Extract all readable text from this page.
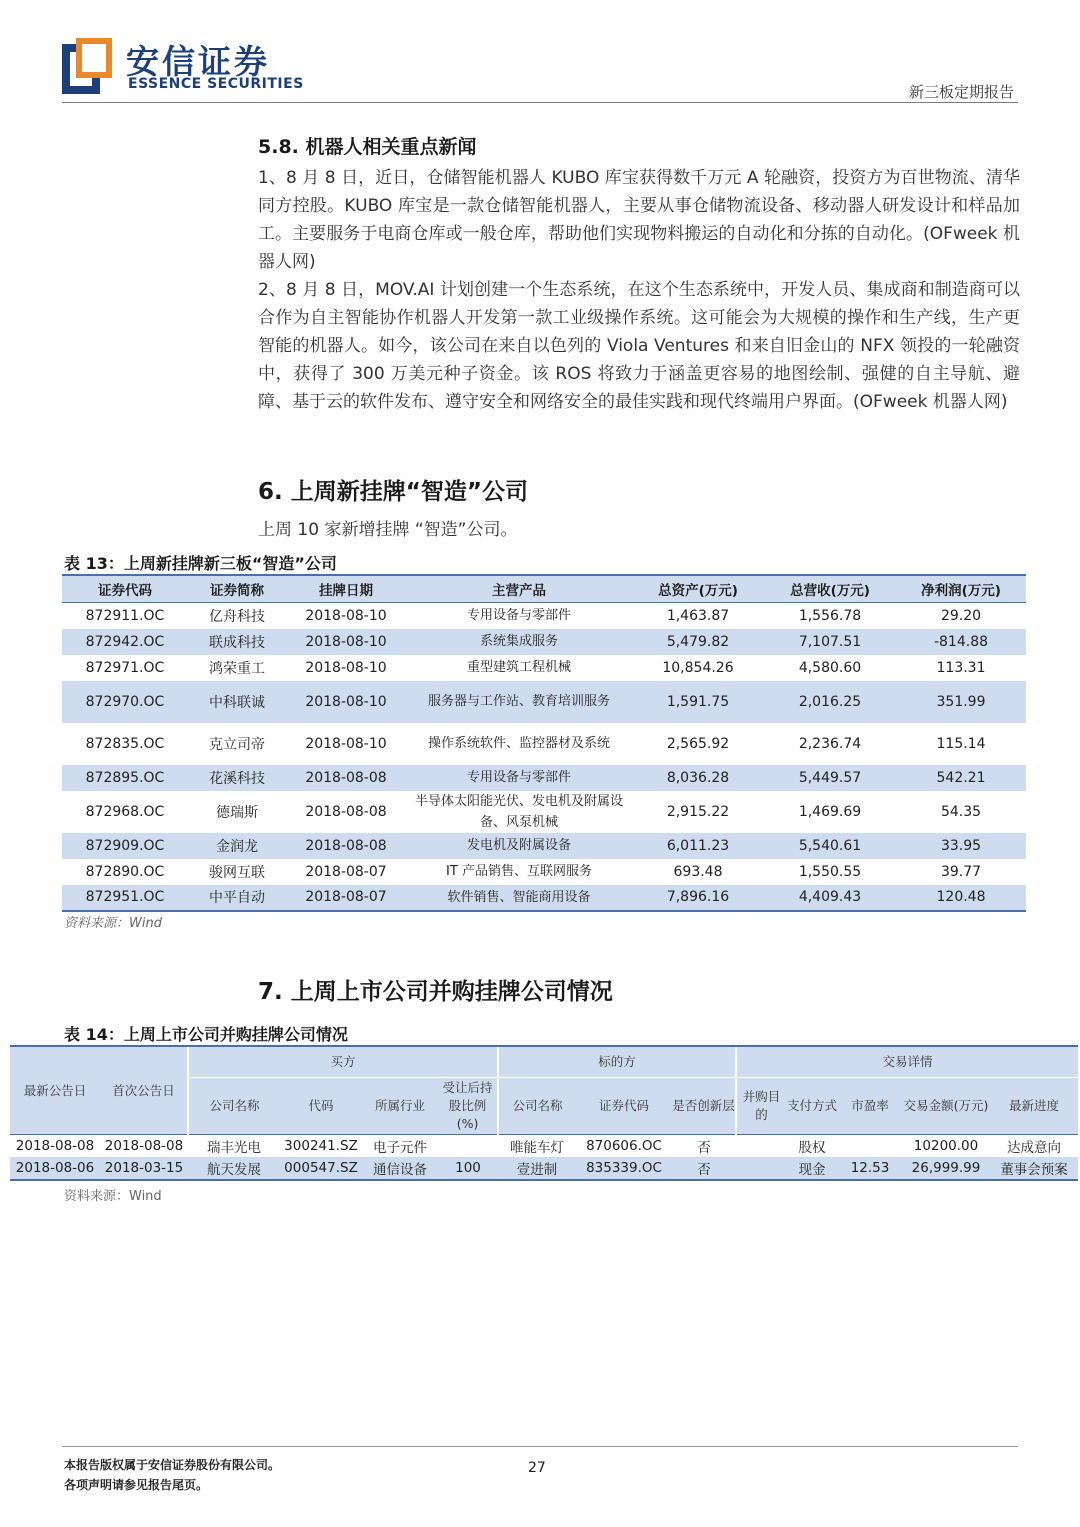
安信证券
ESSENCE SECURITIES	新三板定期报告
5.8. 机器人相关重点新闻
1、8 月 8 日，近日，仓储智能机器人 KUBO 库宝获得数千万元 A 轮融资，投资方为百世物流、清华同方控股。KUBO 库宝是一款仓储智能机器人，主要从事仓储物流设备、移动器人研发设计和样品加工。主要服务于电商仓库或一般仓库，帮助他们实现物料搬运的自动化和分拣的自动化。(OFweek 机器人网)
2、8 月 8 日，MOV.AI 计划创建一个生态系统，在这个生态系统中，开发人员、集成商和制造商可以合作为自主智能协作机器人开发第一款工业级操作系统。这可能会为大规模的操作和生产线，生产更智能的机器人。如今，该公司在来自以色列的 Viola Ventures 和来自旧金山的 NFX 领投的一轮融资中，获得了 300 万美元种子资金。该 ROS 将致力于涵盖更容易的地图绘制、强健的自主导航、避障、基于云的软件发布、遵守安全和网络安全的最佳实践和现代终端用户界面。(OFweek 机器人网)
6. 上周新挂牌“智造”公司
上周 10 家新增挂牌 “智造”公司。
表 13：上周新挂牌新三板“智造”公司
证券代码	证券简称	挂牌日期	主营产品	总资产(万元)	总营收(万元)	净利润(万元)
872911.OC	亿舟科技	2018-08-10	专用设备与零部件	1,463.87	1,556.78	29.20
872942.OC	联成科技	2018-08-10	系统集成服务	5,479.82	7,107.51	-814.88
872971.OC	鸿荣重工	2018-08-10	重型建筑工程机械	10,854.26	4,580.60	113.31
872970.OC	中科联诚	2018-08-10	服务器与工作站、教育培训服务	1,591.75	2,016.25	351.99
872835.OC	克立司帝	2018-08-10	操作系统软件、监控器材及系统	2,565.92	2,236.74	115.14
872895.OC	花溪科技	2018-08-08	专用设备与零部件	8,036.28	5,449.57	542.21
872968.OC	德瑞斯	2018-08-08	半导体太阳能光伏、发电机及附属设备、风泵机械	2,915.22	1,469.69	54.35
872909.OC	金润龙	2018-08-08	发电机及附属设备	6,011.23	5,540.61	33.95
872890.OC	骏网互联	2018-08-07	IT 产品销售、互联网服务	693.48	1,550.55	39.77
872951.OC	中平自动	2018-08-07	软件销售、智能商用设备	7,896.16	4,409.43	120.48
资料来源：Wind
7. 上周上市公司并购挂牌公司情况
表 14：上周上市公司并购挂牌公司情况
最新公告日	首次公告日	买方				标的方			交易详情				
		公司名称	代码	所属行业	受让后持股比例(%)	公司名称	证券代码	是否创新层	并购目的	支付方式	市盈率	交易金额(万元)	最新进度
2018-08-08	2018-08-08	瑞丰光电	300241.SZ	电子元件		唯能车灯	870606.OC	否		股权		10200.00	达成意向
2018-08-06	2018-03-15	航天发展	000547.SZ	通信设备	100	壹进制	835339.OC	否		现金	12.53	26,999.99	董事会预案
资料来源：Wind
本报告版权属于安信证券股份有限公司。
各项声明请参见报告尾页。
27
